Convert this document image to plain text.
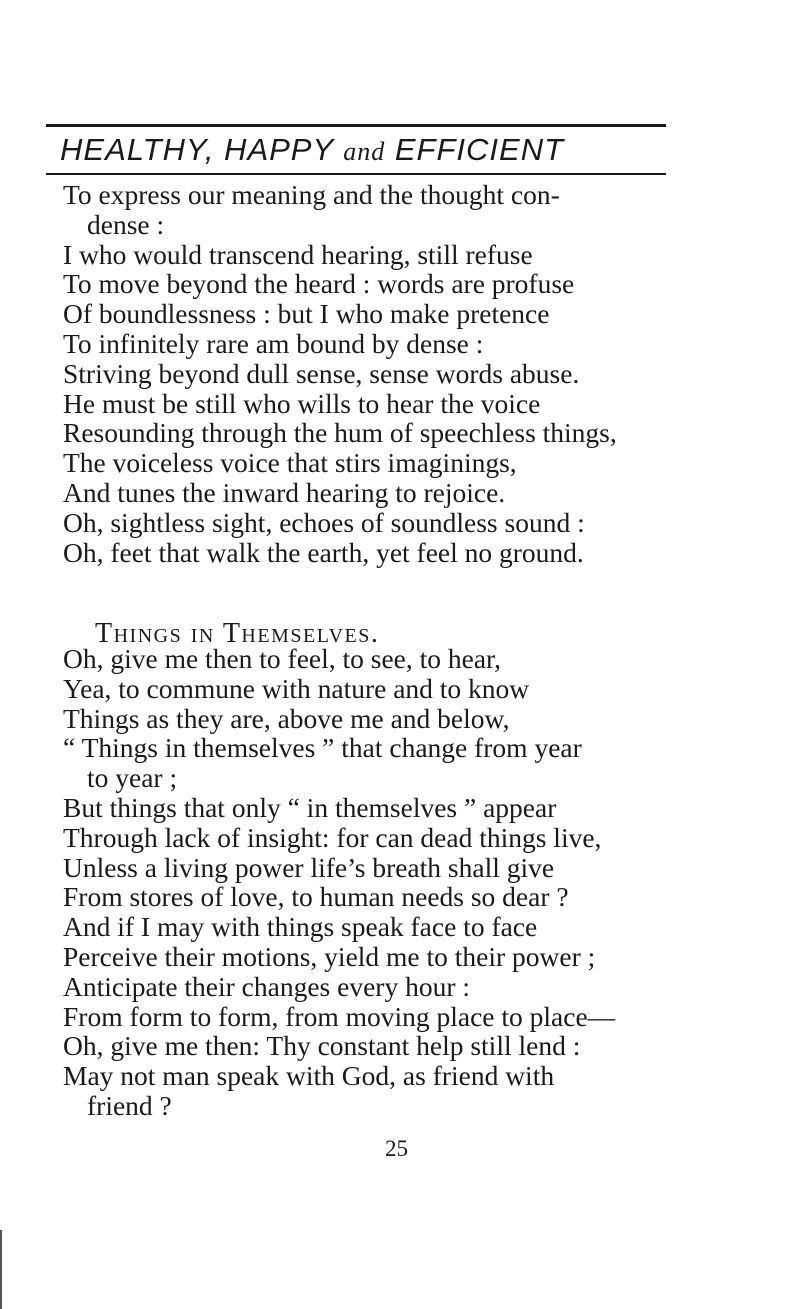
HEALTHY, HAPPY and EFFICIENT
To express our meaning and the thought con-
dense :
I who would transcend hearing, still refuse
To move beyond the heard : words are profuse
Of boundlessness : but I who make pretence
To infinitely rare am bound by dense :
Striving beyond dull sense, sense words abuse.
He must be still who wills to hear the voice
Resounding through the hum of speechless things,
The voiceless voice that stirs imaginings,
And tunes the inward hearing to rejoice.
Oh, sightless sight, echoes of soundless sound :
Oh, feet that walk the earth, yet feel no ground.
Things in Themselves.
Oh, give me then to feel, to see, to hear,
Yea, to commune with nature and to know
Things as they are, above me and below,
“ Things in themselves ” that change from year
to year ;
But things that only “ in themselves ” appear
Through lack of insight: for can dead things live,
Unless a living power life’s breath shall give
From stores of love, to human needs so dear ?
And if I may with things speak face to face
Perceive their motions, yield me to their power ;
Anticipate their changes every hour :
From form to form, from moving place to place—
Oh, give me then: Thy constant help still lend :
May not man speak with God, as friend with
friend ?
25
